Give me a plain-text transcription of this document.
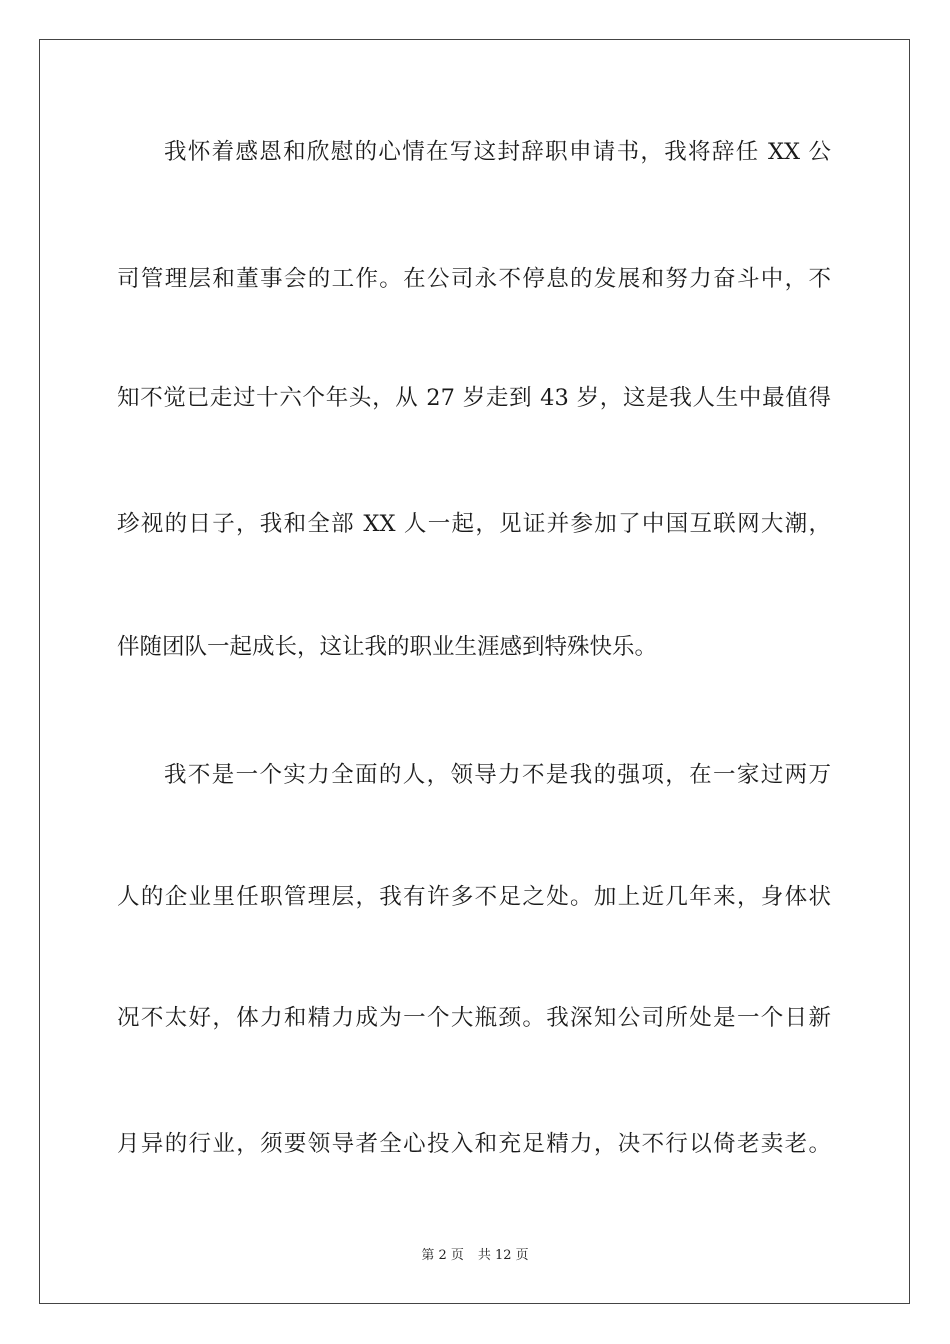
我怀着感恩和欣慰的心情在写这封辞职申请书，我将辞任 XX 公
司管理层和董事会的工作。在公司永不停息的发展和努力奋斗中，不
知不觉已走过十六个年头，从 27 岁走到 43 岁，这是我人生中最值得
珍视的日子，我和全部 XX 人一起，见证并参加了中国互联网大潮，
伴随团队一起成长，这让我的职业生涯感到特殊快乐。
我不是一个实力全面的人，领导力不是我的强项，在一家过两万
人的企业里任职管理层，我有许多不足之处。加上近几年来，身体状
况不太好，体力和精力成为一个大瓶颈。我深知公司所处是一个日新
月异的行业，须要领导者全心投入和充足精力，决不行以倚老卖老。
第 2 页 共 12 页
